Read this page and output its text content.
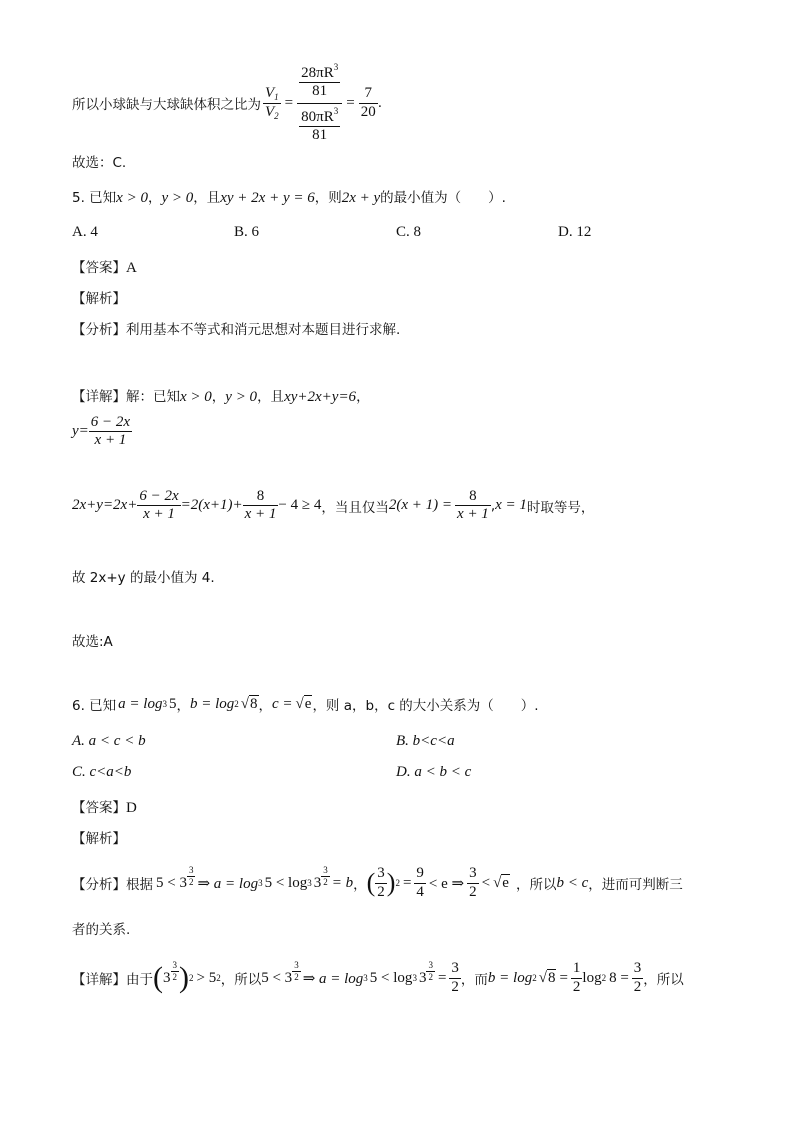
所以小球缺与大球缺体积之比为 $\frac{V_1}{V_2} = \frac{\frac{28\pi R^3}{81}}{\frac{80\pi R^3}{81}} = \frac{7}{20}$ .
故选：C.
5. 已知x > 0，y > 0，且xy + 2x + y = 6，则2x + y的最小值为（　　）.
A. 4	B. 6	C. 8	D. 12
【答案】A
【解析】
【分析】利用基本不等式和消元思想对本题目进行求解.
【详解】解：已知x > 0，y > 0，且xy+2x+y=6，
$y= \frac{6 - 2x}{x + 1}$
$2x+y=2x+ \frac{6 - 2x}{x + 1} =2(x+1)+ \frac{8}{x + 1} - 4 \ge 4$ ，当且仅当 $2(x + 1) = \frac{8}{x + 1}$ , x = 1 时取等号，
故 2x+y 的最小值为 4.
故选:A
6. 已知 a = log 3 5 ， b = log 2 √ 8 ， c = √ e ，则 a，b，c 的大小关系为（　　）.
A. a < c < b	B. b<c<a
C. c<a<b	D. a < b < c
【答案】D
【解析】
【分析】 根据 $5 < 3 \frac{3}{2}$ ⇒ a = log 3 5 < log 3 $3 \frac{3}{2} = b$ ， ( $\frac{3}{2}$ ) $2 = \frac{9}{4} < e$ ⇒ $\frac{3}{2}$ < √ e ，所以 b < c ，进而可判断三
者的关系.
【详解】 由于 ( $3 \frac{3}{2}$ ) 2 > 5 2 ，所以 $5 < 3 \frac{3}{2}$ ⇒ a = log 3 5 < log 3 $3 \frac{3}{2} = \frac{3}{2}$ ，而 b = log 2 √ $8 = \frac{1}{2}$ log 2 $8 = \frac{3}{2}$ ，所以
